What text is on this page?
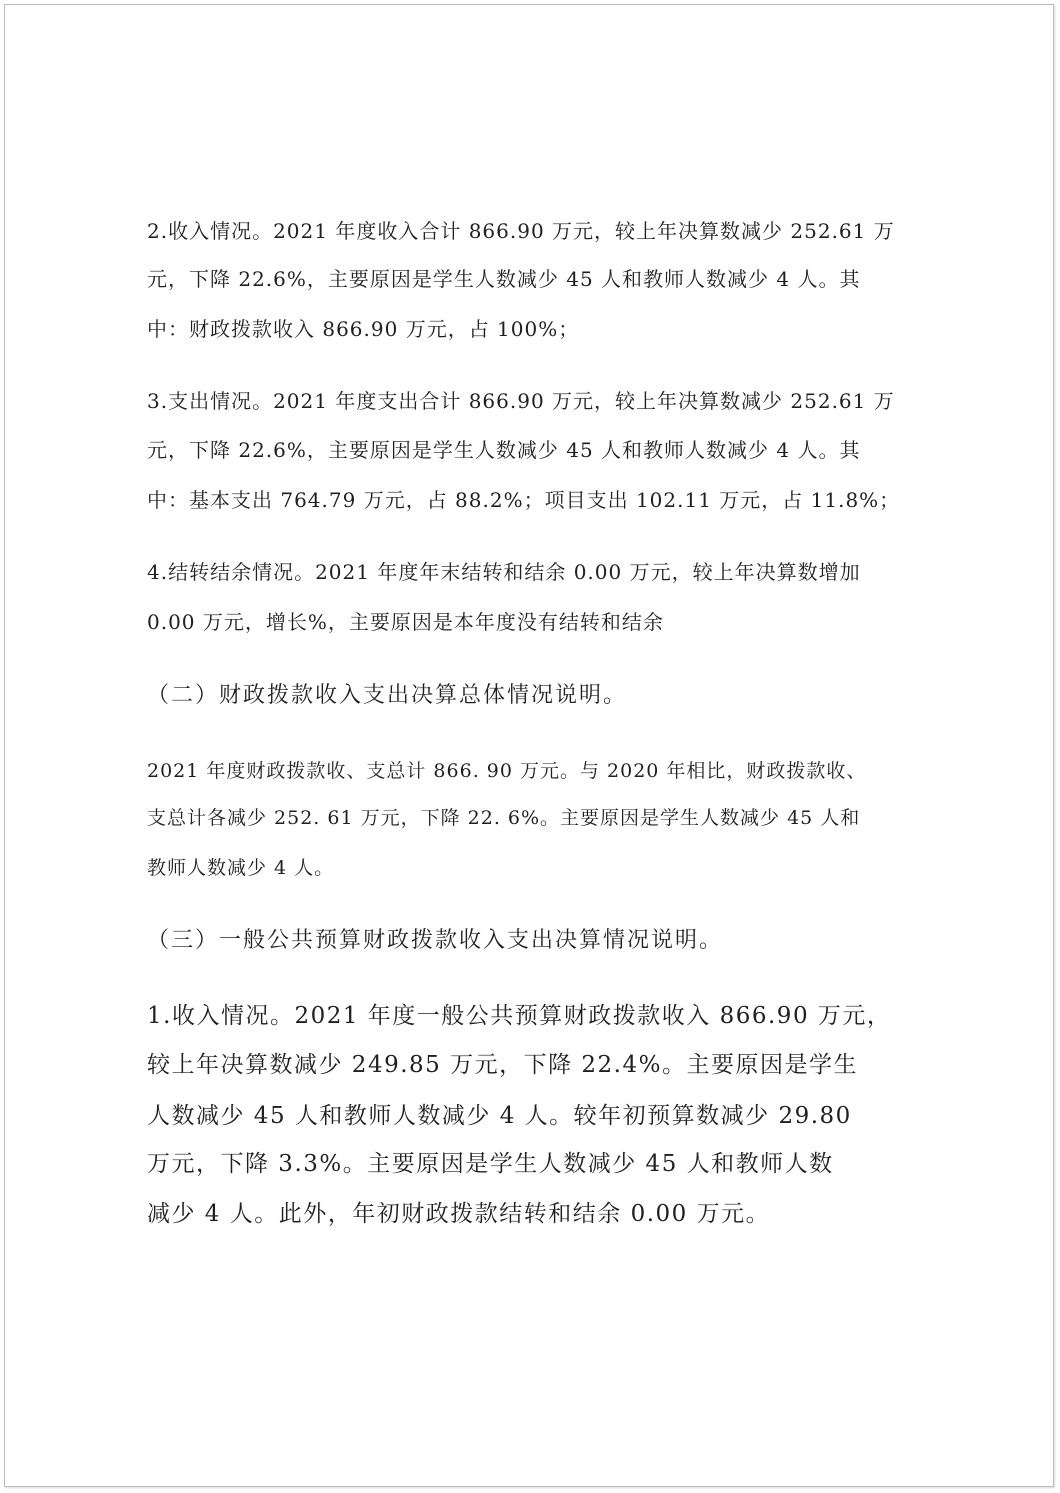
2.收入情况。2021 年度收入合计 866.90 万元，较上年决算数减少 252.61 万
元，下降 22.6%，主要原因是学生人数减少 45 人和教师人数减少 4 人。其
中：财政拨款收入 866.90 万元，占 100%；
3.支出情况。2021 年度支出合计 866.90 万元，较上年决算数减少 252.61 万
元，下降 22.6%，主要原因是学生人数减少 45 人和教师人数减少 4 人。其
中：基本支出 764.79 万元，占 88.2%；项目支出 102.11 万元，占 11.8%；
4.结转结余情况。2021 年度年末结转和结余 0.00 万元，较上年决算数增加
0.00 万元，增长%，主要原因是本年度没有结转和结余
（二）财政拨款收入支出决算总体情况说明。
2021 年度财政拨款收、支总计 866. 90 万元。与 2020 年相比，财政拨款收、
支总计各减少 252. 61 万元，下降 22. 6%。主要原因是学生人数减少 45 人和
教师人数减少 4 人。
（三）一般公共预算财政拨款收入支出决算情况说明。
1.收入情况。2021 年度一般公共预算财政拨款收入 866.90 万元，
较上年决算数减少 249.85 万元，下降 22.4%。主要原因是学生
人数减少 45 人和教师人数减少 4 人。较年初预算数减少 29.80
万元，下降 3.3%。主要原因是学生人数减少 45 人和教师人数
减少 4 人。此外，年初财政拨款结转和结余 0.00 万元。
